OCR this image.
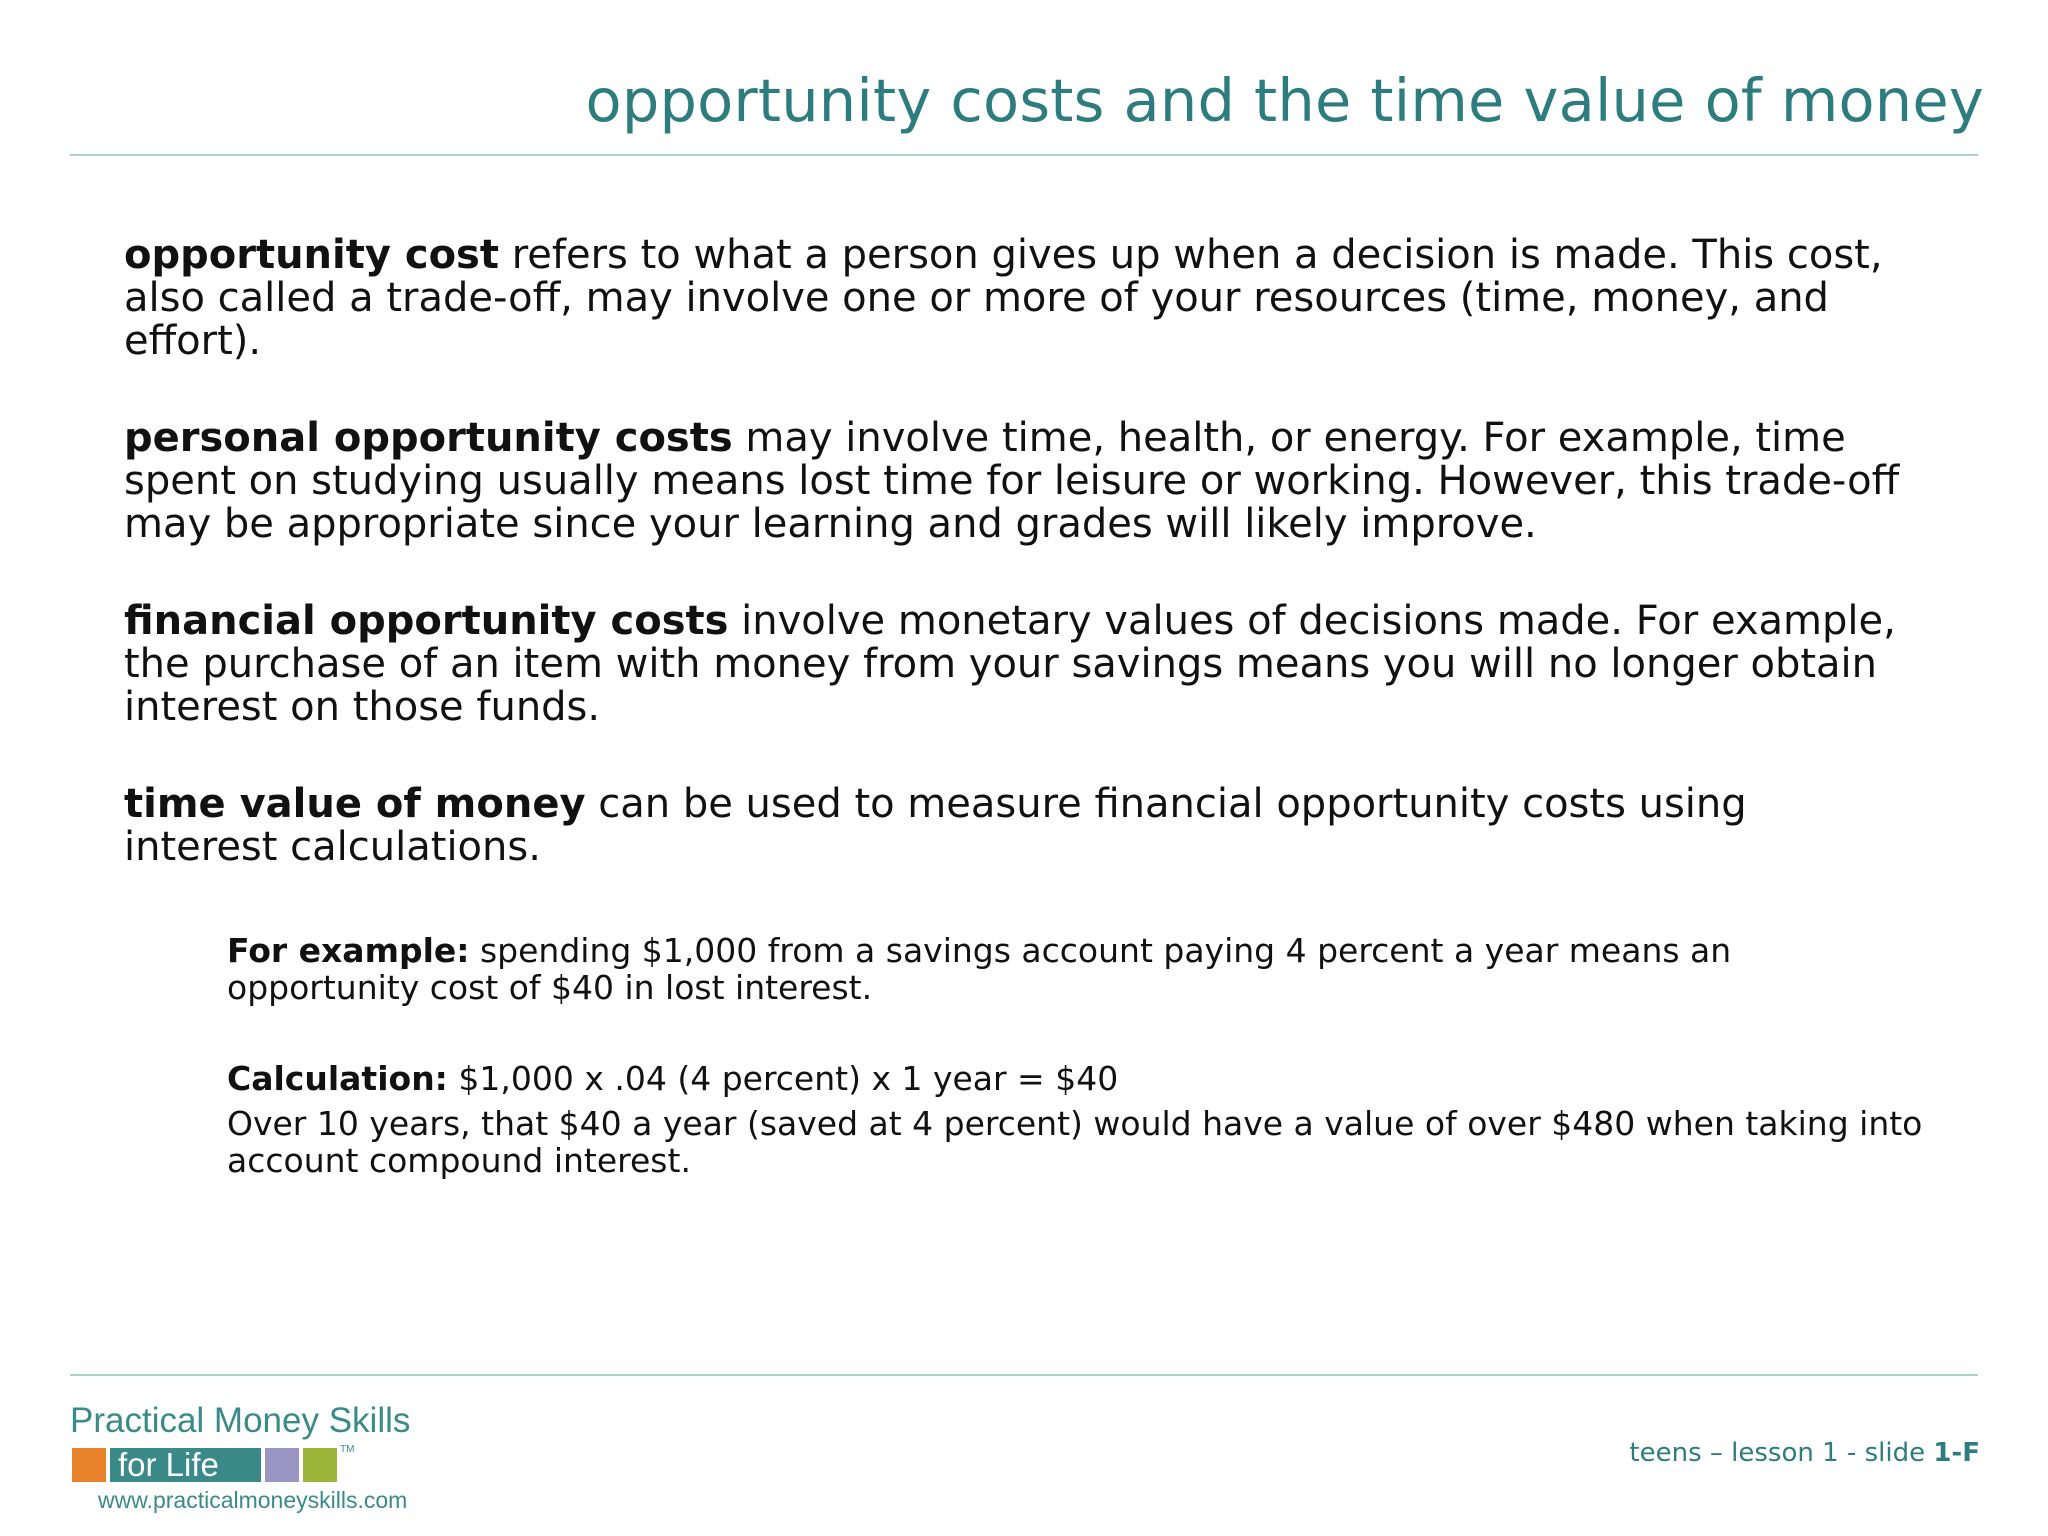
opportunity costs and the time value of money

opportunity cost refers to what a person gives up when a decision is made. This cost, also called a trade-off, may involve one or more of your resources (time, money, and effort).

personal opportunity costs may involve time, health, or energy. For example, time spent on studying usually means lost time for leisure or working. However, this trade-off may be appropriate since your learning and grades will likely improve.

financial opportunity costs involve monetary values of decisions made. For example, the purchase of an item with money from your savings means you will no longer obtain interest on those funds.

time value of money can be used to measure financial opportunity costs using interest calculations.

For example: spending $1,000 from a savings account paying 4 percent a year means an opportunity cost of $40 in lost interest.
Calculation: $1,000 x .04 (4 percent) x 1 year = $40
Over 10 years, that $40 a year (saved at 4 percent) would have a value of over $480 when taking into account compound interest.
Practical Money Skills
for Life	TM
www.practicalmoneyskills.com
teens – lesson 1 - slide 1-F
